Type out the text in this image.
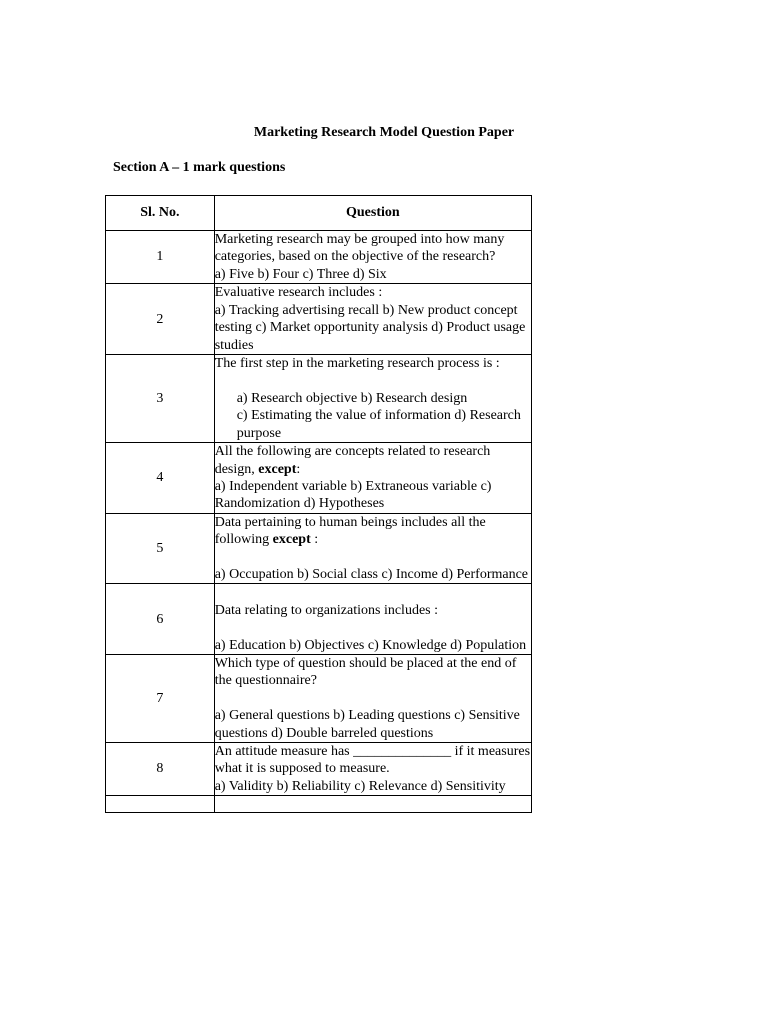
Marketing Research Model Question Paper
Section A – 1 mark questions
Sl. No.	Question
1	Marketing research may be grouped into how many categories, based on the objective of the research?
a) Five b) Four c) Three d) Six

2	Evaluative research includes :
a) Tracking advertising recall b) New product concept testing c) Market opportunity analysis d) Product usage studies

3	The first step in the marketing research process is :
a) Research objective b) Research design
c) Estimating the value of information d) Research purpose

4	All the following are concepts related to research design, except:
a) Independent variable b) Extraneous variable c) Randomization d) Hypotheses

5	Data pertaining to human beings includes all the following except :
a) Occupation b) Social class c) Income d) Performance

6	Data relating to organizations includes :
a) Education b) Objectives c) Knowledge d) Population

7	Which type of question should be placed at the end of the questionnaire?
a) General questions b) Leading questions c) Sensitive questions d) Double barreled questions

8	An attitude measure has ______________ if it measures what it is supposed to measure.
a) Validity b) Reliability c) Relevance d) Sensitivity
